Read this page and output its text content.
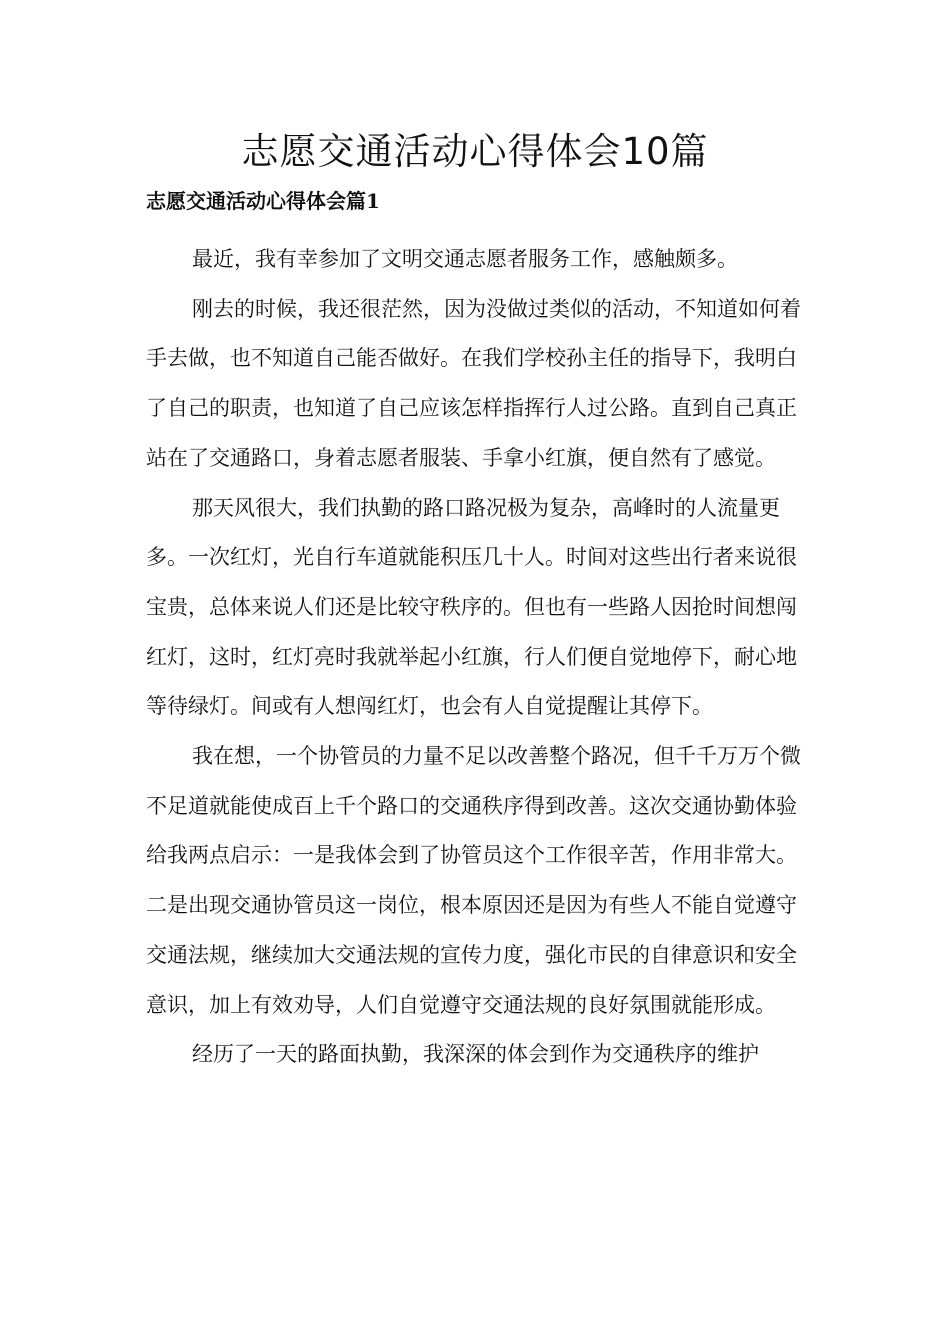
志愿交通活动心得体会10篇
志愿交通活动心得体会篇1

最近，我有幸参加了文明交通志愿者服务工作，感触颇多。

刚去的时候，我还很茫然，因为没做过类似的活动，不知道如何着手去做，也不知道自己能否做好。在我们学校孙主任的指导下，我明白了自己的职责，也知道了自己应该怎样指挥行人过公路。直到自己真正站在了交通路口，身着志愿者服装、手拿小红旗，便自然有了感觉。

那天风很大，我们执勤的路口路况极为复杂，高峰时的人流量更多。一次红灯，光自行车道就能积压几十人。时间对这些出行者来说很宝贵，总体来说人们还是比较守秩序的。但也有一些路人因抢时间想闯红灯，这时，红灯亮时我就举起小红旗，行人们便自觉地停下，耐心地等待绿灯。间或有人想闯红灯，也会有人自觉提醒让其停下。

我在想，一个协管员的力量不足以改善整个路况，但千千万万个微不足道就能使成百上千个路口的交通秩序得到改善。这次交通协勤体验给我两点启示：一是我体会到了协管员这个工作很辛苦，作用非常大。二是出现交通协管员这一岗位，根本原因还是因为有些人不能自觉遵守交通法规，继续加大交通法规的宣传力度，强化市民的自律意识和安全意识，加上有效劝导，人们自觉遵守交通法规的良好氛围就能形成。

经历了一天的路面执勤，我深深的体会到作为交通秩序的维护
